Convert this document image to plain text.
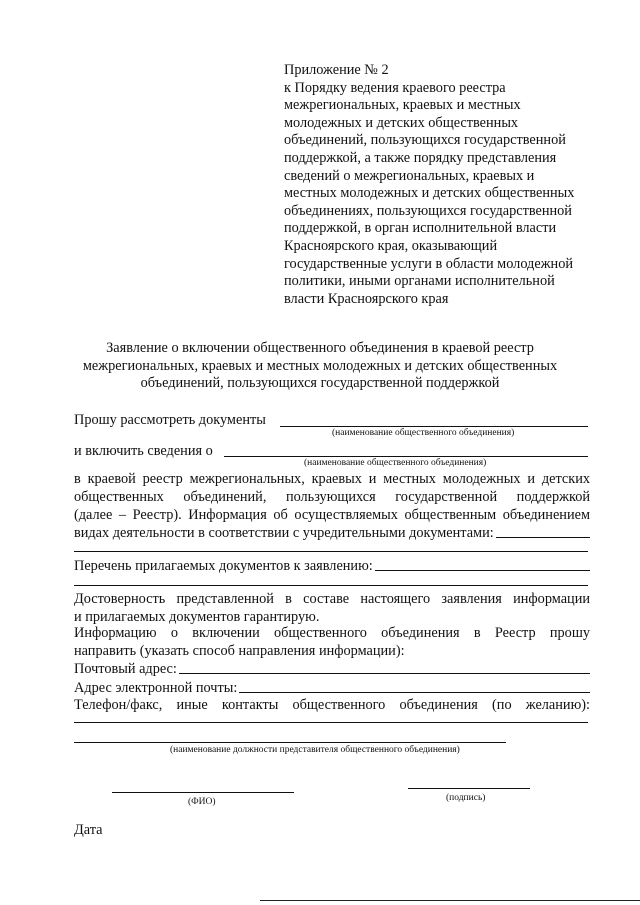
Приложение № 2
к Порядку ведения краевого реестра
межрегиональных, краевых и местных
молодежных и детских общественных
объединений, пользующихся государственной
поддержкой, а также порядку представления
сведений о межрегиональных, краевых и
местных молодежных и детских общественных
объединениях, пользующихся государственной
поддержкой, в орган исполнительной власти
Красноярского края, оказывающий
государственные услуги в области молодежной
политики, иными органами исполнительной
власти Красноярского края
Заявление о включении общественного объединения в краевой реестр
межрегиональных, краевых и местных молодежных и детских общественных
объединений, пользующихся государственной поддержкой
Прошу рассмотреть документы
(наименование общественного объединения)
и включить сведения о
(наименование общественного объединения)
в краевой реестр межрегиональных, краевых и местных молодежных и детских
общественных объединений, пользующихся государственной поддержкой
(далее – Реестр). Информация об осуществляемых общественным объединением
видах деятельности в соответствии с учредительными документами:
Перечень прилагаемых документов к заявлению:
Достоверность представленной в составе настоящего заявления информации
и прилагаемых документов гарантирую.
Информацию о включении общественного объединения в Реестр прошу
направить (указать способ направления информации):
Почтовый адрес:
Адрес электронной почты:
Телефон/факс, иные контакты общественного объединения (по желанию):
(наименование должности представителя общественного объединения)
(ФИО)	(подпись)
Дата
